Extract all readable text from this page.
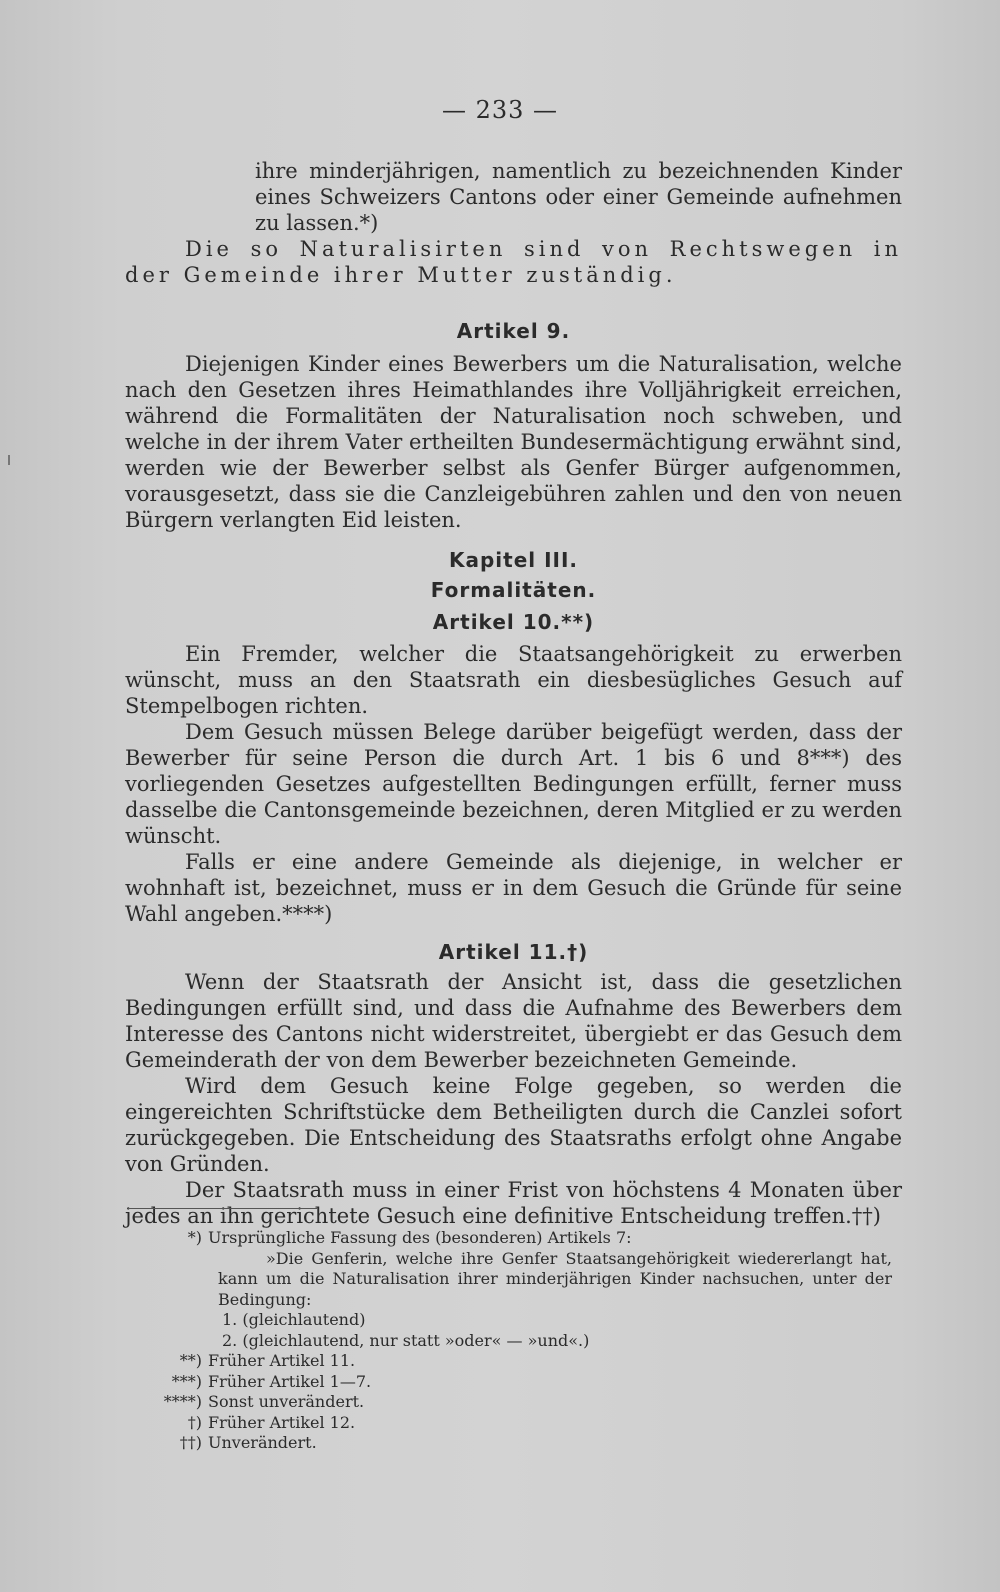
— 233 —

ihre minderjährigen, namentlich zu bezeichnenden Kinder eines Schweizers Cantons oder einer Gemeinde aufnehmen zu lassen.*)

Die so Naturalisirten sind von Rechtswegen in der Gemeinde ihrer Mutter zuständig.

Artikel 9.

Diejenigen Kinder eines Bewerbers um die Naturalisation, welche nach den Gesetzen ihres Heimathlandes ihre Volljährigkeit erreichen, während die Formalitäten der Naturalisation noch schweben, und welche in der ihrem Vater ertheilten Bundesermächtigung erwähnt sind, werden wie der Bewerber selbst als Genfer Bürger aufgenommen, vorausgesetzt, dass sie die Canzleigebühren zahlen und den von neuen Bürgern verlangten Eid leisten.

Kapitel III.
Formalitäten.
Artikel 10.**)

Ein Fremder, welcher die Staatsangehörigkeit zu erwerben wünscht, muss an den Staatsrath ein diesbesügliches Gesuch auf Stempelbogen richten.

Dem Gesuch müssen Belege darüber beigefügt werden, dass der Bewerber für seine Person die durch Art. 1 bis 6 und 8***) des vorliegenden Gesetzes aufgestellten Bedingungen erfüllt, ferner muss dasselbe die Cantonsgemeinde bezeichnen, deren Mitglied er zu werden wünscht.

Falls er eine andere Gemeinde als diejenige, in welcher er wohnhaft ist, bezeichnet, muss er in dem Gesuch die Gründe für seine Wahl angeben.****)

Artikel 11.†)

Wenn der Staatsrath der Ansicht ist, dass die gesetzlichen Bedingungen erfüllt sind, und dass die Aufnahme des Bewerbers dem Interesse des Cantons nicht widerstreitet, übergiebt er das Gesuch dem Gemeinderath der von dem Bewerber bezeichneten Gemeinde.

Wird dem Gesuch keine Folge gegeben, so werden die eingereichten Schriftstücke dem Betheiligten durch die Canzlei sofort zurückgegeben. Die Entscheidung des Staatsraths erfolgt ohne Angabe von Gründen.

Der Staatsrath muss in einer Frist von höchstens 4 Monaten über jedes an ihn gerichtete Gesuch eine definitive Entscheidung treffen.††)

*) Ursprüngliche Fassung des (besonderen) Artikels 7:
»Die Genferin, welche ihre Genfer Staatsangehörigkeit wiedererlangt hat, kann um die Naturalisation ihrer minderjährigen Kinder nachsuchen, unter der Bedingung:
1. (gleichlautend)
2. (gleichlautend, nur statt »oder« — »und«.)
**) Früher Artikel 11.
***) Früher Artikel 1—7.
****) Sonst unverändert.
†) Früher Artikel 12.
††) Unverändert.
